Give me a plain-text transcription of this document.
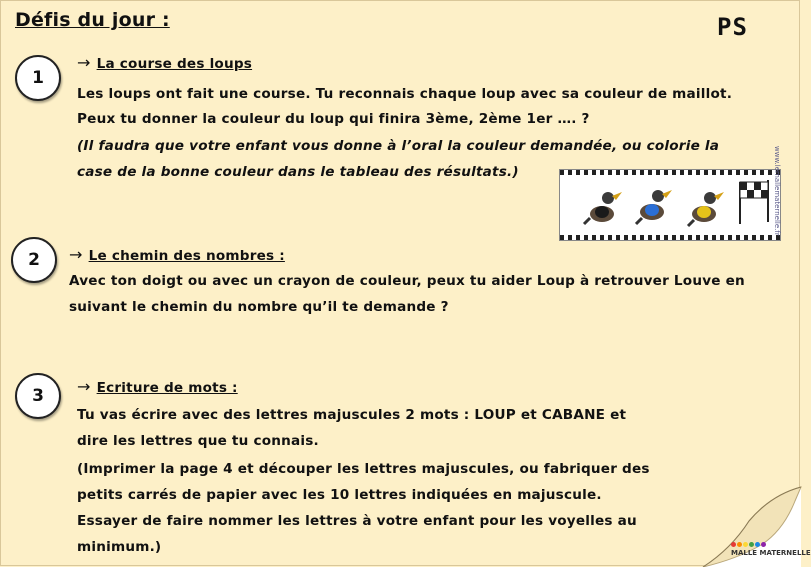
Défis du jour :	PS
1
→ La course des loups
Les loups ont fait une course. Tu reconnais chaque loup avec sa couleur de maillot.
Peux tu donner la couleur du loup qui finira 3ème, 2ème 1er …. ?
(Il faudra que votre enfant vous donne à l’oral la couleur demandée, ou colorie la
case de la bonne couleur dans le tableau des résultats.)
2	→ Le chemin des nombres :
Avec ton doigt ou avec un crayon de couleur, peux tu aider Loup à retrouver Louve en
suivant le chemin du nombre qu’il te demande ?
3	→ Ecriture de mots :
Tu vas écrire avec des lettres majuscules 2 mots : LOUP et CABANE et
dire les lettres que tu connais.
(Imprimer la page 4 et découper les lettres majuscules, ou fabriquer des
petits carrés de papier avec les 10 lettres indiquées en majuscule.
Essayer de faire nommer les lettres à votre enfant pour les voyelles au
minimum.)
www.lemallematernelle.fr
MALLE MATERNELLE
